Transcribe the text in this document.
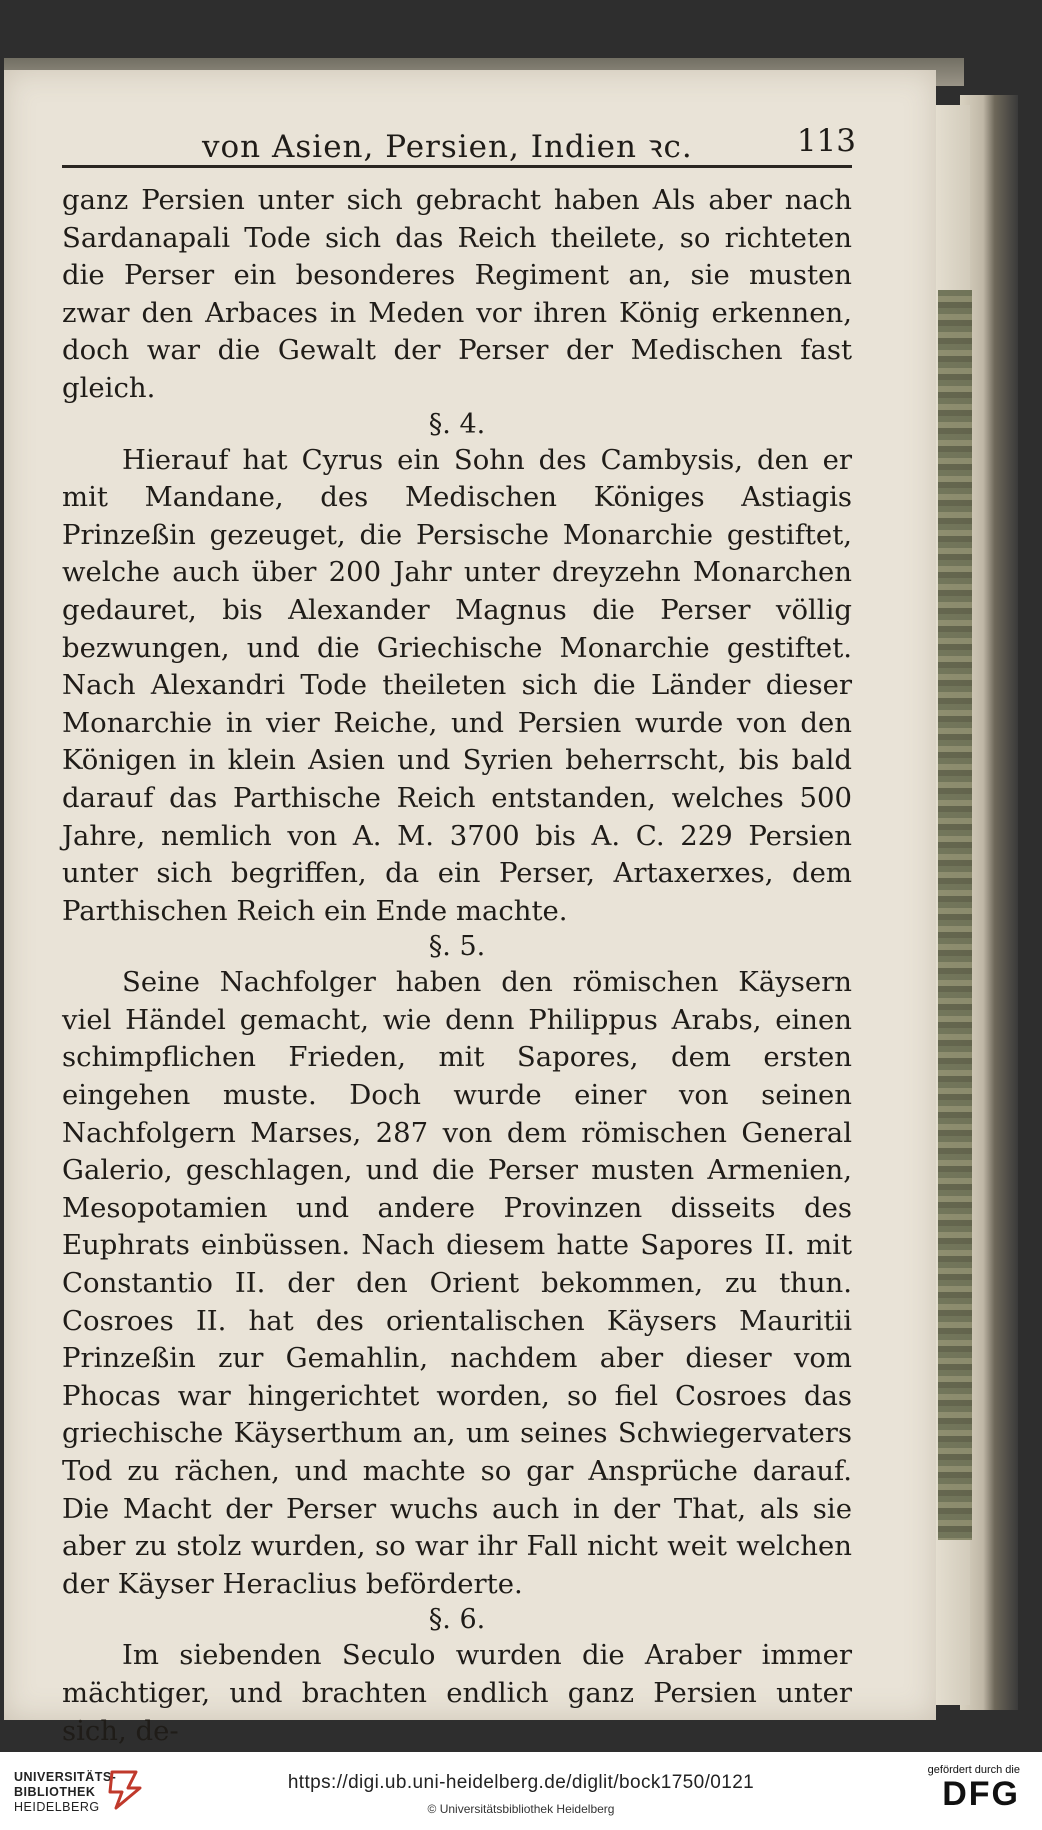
von Asien, Persien, Indien ꝛc.	113

ganz Persien unter sich gebracht haben Als aber nach Sardanapali Tode sich das Reich theilete, so richteten die Perser ein besonderes Regiment an, sie musten zwar den Arbaces in Meden vor ihren König erkennen, doch war die Gewalt der Perser der Medischen fast gleich.

§. 4.

Hierauf hat Cyrus ein Sohn des Cambysis, den er mit Mandane, des Medischen Königes Astiagis Prinzeßin gezeuget, die Persische Monarchie gestiftet, welche auch über 200 Jahr unter dreyzehn Monarchen gedauret, bis Alexander Magnus die Perser völlig bezwungen, und die Griechische Monarchie gestiftet. Nach Alexandri Tode theileten sich die Länder dieser Monarchie in vier Reiche, und Persien wurde von den Königen in klein Asien und Syrien beherrscht, bis bald darauf das Parthische Reich entstanden, welches 500 Jahre, nemlich von A. M. 3700 bis A. C. 229 Persien unter sich begriffen, da ein Perser, Artaxerxes, dem Parthischen Reich ein Ende machte.

§. 5.

Seine Nachfolger haben den römischen Käysern viel Händel gemacht, wie denn Philippus Arabs, einen schimpflichen Frieden, mit Sapores, dem ersten eingehen muste. Doch wurde einer von seinen Nachfolgern Marses, 287 von dem römischen General Galerio, geschlagen, und die Perser musten Armenien, Mesopotamien und andere Provinzen disseits des Euphrats einbüssen. Nach diesem hatte Sapores II. mit Constantio II. der den Orient bekommen, zu thun. Cosroes II. hat des orientalischen Käysers Mauritii Prinzeßin zur Gemahlin, nachdem aber dieser vom Phocas war hingerichtet worden, so fiel Cosroes das griechische Käyserthum an, um seines Schwiegervaters Tod zu rächen, und machte so gar Ansprüche darauf. Die Macht der Perser wuchs auch in der That, als sie aber zu stolz wurden, so war ihr Fall nicht weit welchen der Käyser Heraclius beförderte.

§. 6.

Im siebenden Seculo wurden die Araber immer mächtiger, und brachten endlich ganz Persien unter sich, de-

UNIVERSITÄTS-
BIBLIOTHEK
HEIDELBERG
https://digi.ub.uni-heidelberg.de/diglit/bock1750/0121
© Universitätsbibliothek Heidelberg
gefördert durch die
DFG
